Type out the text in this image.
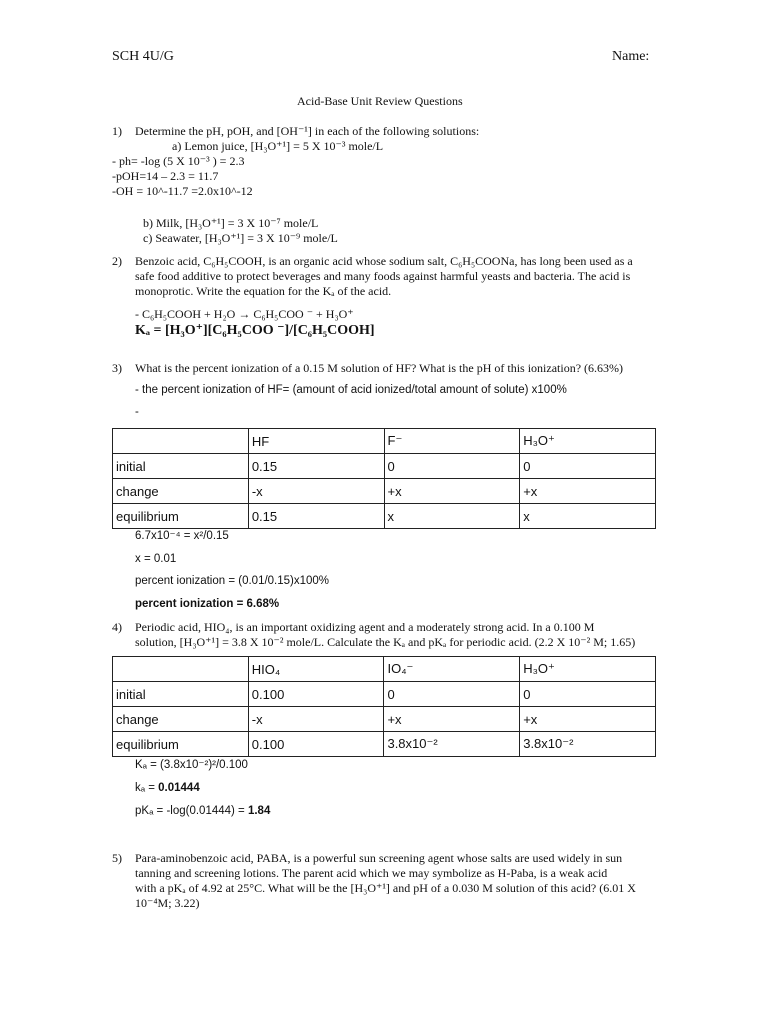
SCH 4U/G	Name:
Acid-Base Unit Review Questions
1) Determine the pH, pOH, and [OH⁻¹] in each of the following solutions:
a) Lemon juice, [H₃O⁺¹] = 5 X 10⁻³ mole/L
- ph= -log (5 X 10⁻³ ) = 2.3
-pOH=14 – 2.3 = 11.7
-OH = 10^-11.7 =2.0x10^-12
b) Milk, [H₃O⁺¹] = 3 X 10⁻⁷ mole/L
c) Seawater, [H₃O⁺¹] = 3 X 10⁻⁹ mole/L
2) Benzoic acid, C₆H₅COOH, is an organic acid whose sodium salt, C₆H₅COONa, has long been used as a
safe food additive to protect beverages and many foods against harmful yeasts and bacteria. The acid is
monoprotic. Write the equation for the Kₐ of the acid.
- C₆H₅COOH + H₂O → C₆H₅COO ⁻ + H₃O⁺
Kₐ = [H₃O⁺][C₆H₅COO ⁻]/[C₆H₅COOH]
3) What is the percent ionization of a 0.15 M solution of HF? What is the pH of this ionization? (6.63%)
- the percent ionization of HF= (amount of acid ionized/total amount of solute) x100%
-
	HF	F⁻	H₃O⁺
initial	0.15	0	0
change	-x	+x	+x
equilibrium	0.15	x	x
6.7x10⁻⁴ = x²/0.15
x = 0.01
percent ionization = (0.01/0.15)x100%
percent ionization = 6.68%
4) Periodic acid, HIO₄, is an important oxidizing agent and a moderately strong acid. In a 0.100 M
solution, [H₃O⁺¹] = 3.8 X 10⁻² mole/L. Calculate the Kₐ and pKₐ for periodic acid. (2.2 X 10⁻² M; 1.65)
	HIO₄	IO₄⁻	H₃O⁺
initial	0.100	0	0
change	-x	+x	+x
equilibrium	0.100	3.8x10⁻²	3.8x10⁻²
Kₐ = (3.8x10⁻²)²/0.100
kₐ = 0.01444
pKₐ = -log(0.01444) = 1.84
5) Para-aminobenzoic acid, PABA, is a powerful sun screening agent whose salts are used widely in sun
tanning and screening lotions. The parent acid which we may symbolize as H-Paba, is a weak acid
with a pKₐ of 4.92 at 25°C. What will be the [H₃O⁺¹] and pH of a 0.030 M solution of this acid? (6.01 X
10⁻⁴M; 3.22)
